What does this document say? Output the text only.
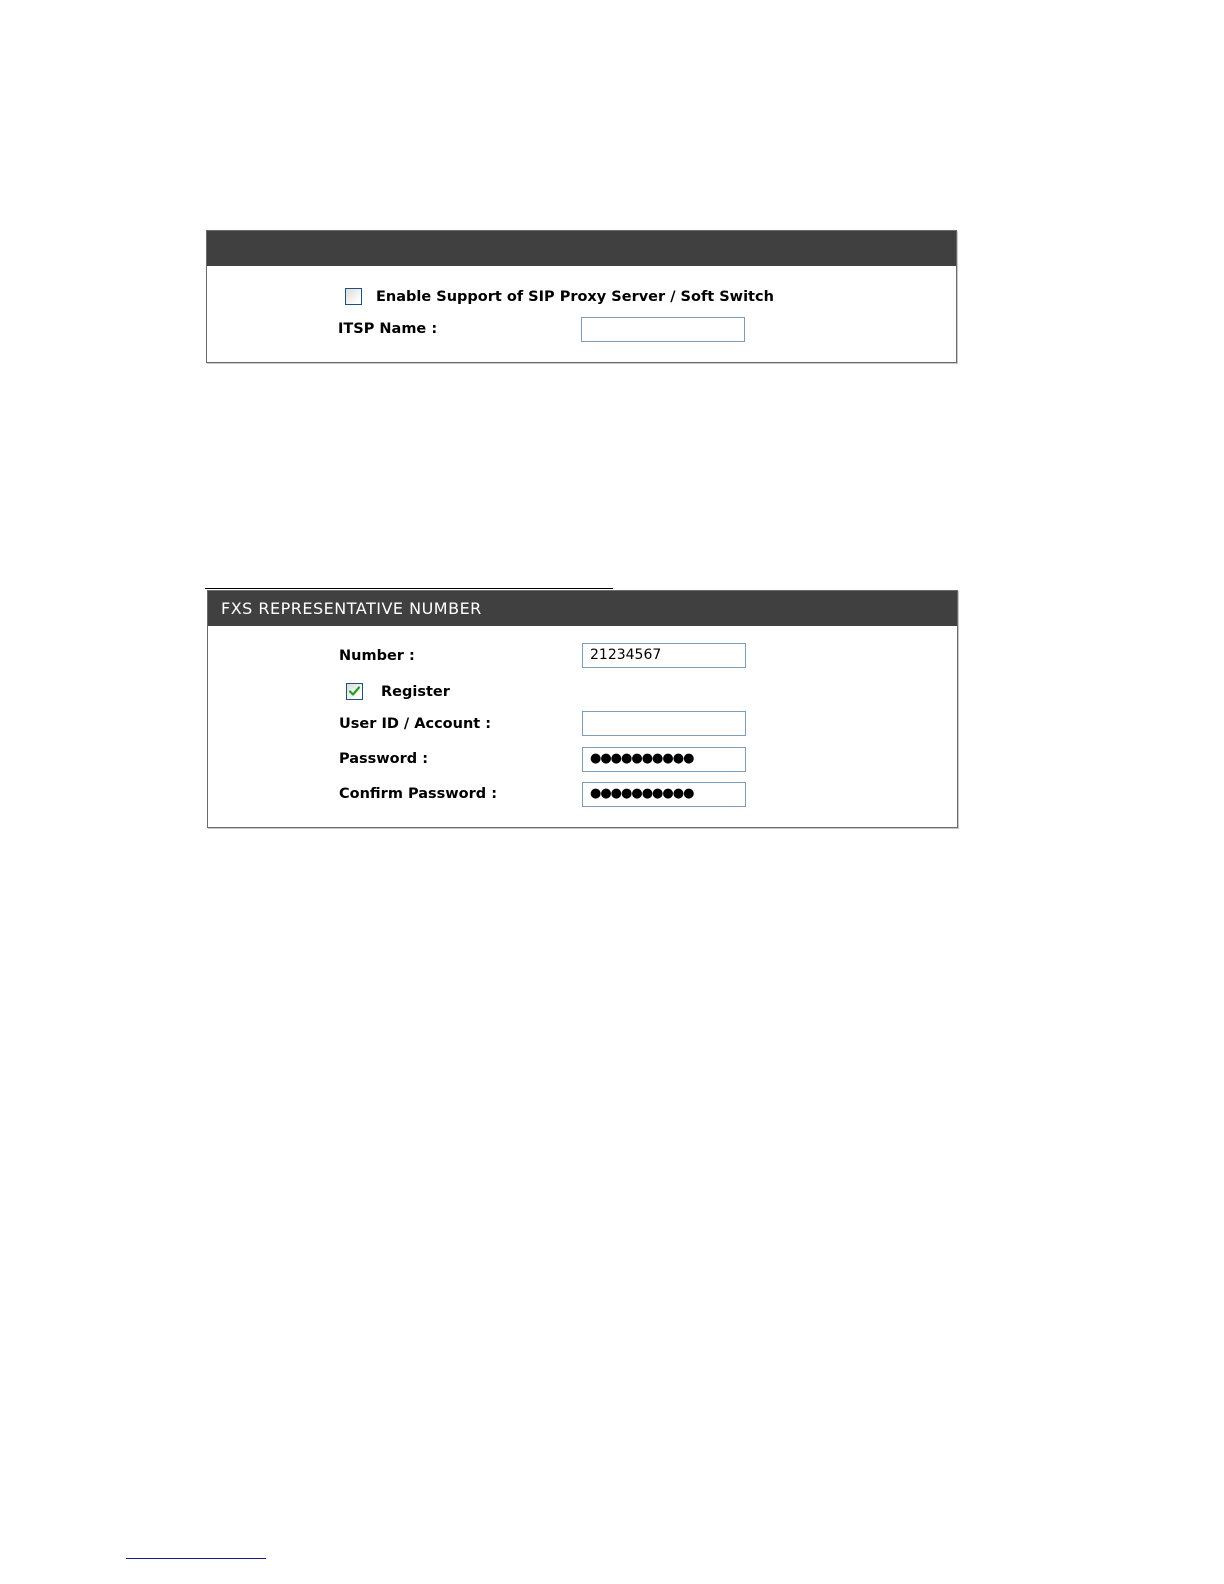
Enable Support of SIP Proxy Server / Soft Switch
ITSP Name :
FXS REPRESENTATIVE NUMBER
Number :	21234567
Register
User ID / Account :
Password :	●●●●●●●●●●
Confirm Password :	●●●●●●●●●●
